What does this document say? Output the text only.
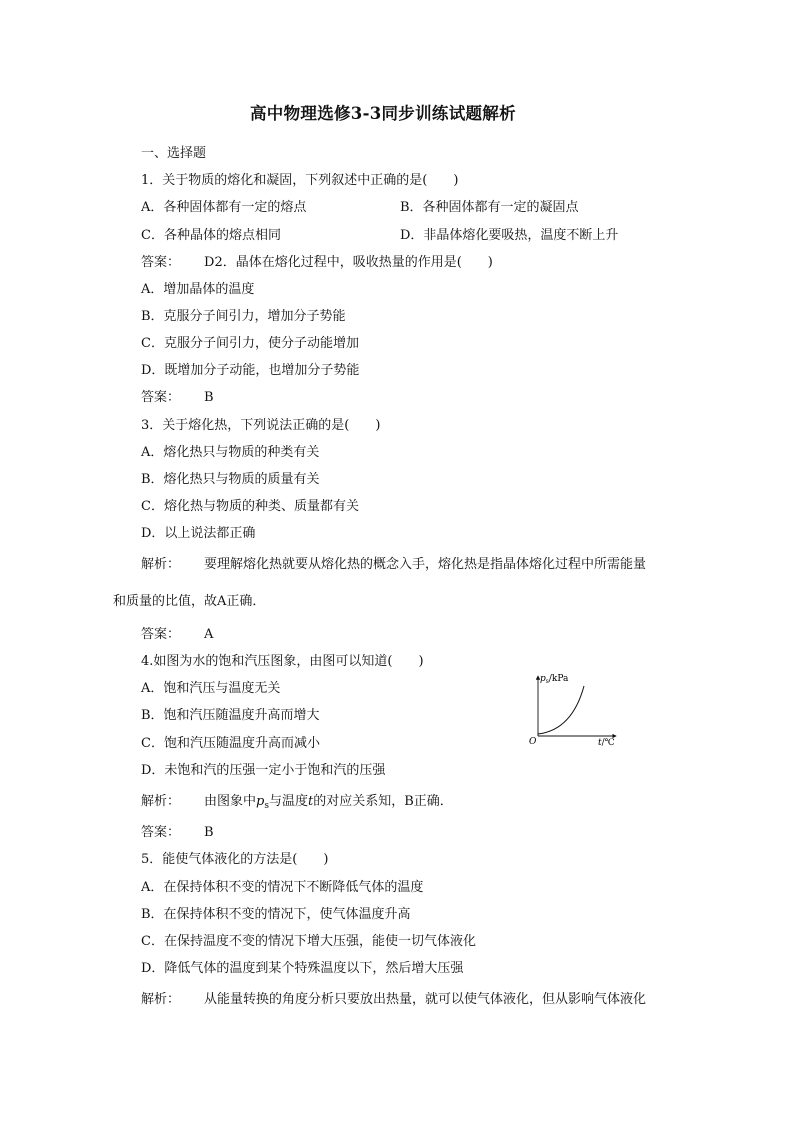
高中物理选修3-3同步训练试题解析
一、选择题
1．关于物质的熔化和凝固，下列叙述中正确的是(　　)
A．各种固体都有一定的熔点	B．各种固体都有一定的凝固点
C．各种晶体的熔点相同	D．非晶体熔化要吸热，温度不断上升
答案： D2．晶体在熔化过程中，吸收热量的作用是(　　)
A．增加晶体的温度
B．克服分子间引力，增加分子势能
C．克服分子间引力，使分子动能增加
D．既增加分子动能，也增加分子势能
答案： B
3．关于熔化热，下列说法正确的是(　　)
A．熔化热只与物质的种类有关
B．熔化热只与物质的质量有关
C．熔化热与物质的种类、质量都有关
D．以上说法都正确
解析： 要理解熔化热就要从熔化热的概念入手，熔化热是指晶体熔化过程中所需能量
和质量的比值，故A正确．
答案： A
4.如图为水的饱和汽压图象，由图可以知道(　　)
A．饱和汽压与温度无关
B．饱和汽压随温度升高而增大
C．饱和汽压随温度升高而减小
D．未饱和汽的压强一定小于饱和汽的压强
$p_s$/kPa
O	t/℃
解析： 由图象中$p_s$与温度t的对应关系知，B正确．
答案： B
5．能使气体液化的方法是(　　)
A．在保持体积不变的情况下不断降低气体的温度
B．在保持体积不变的情况下，使气体温度升高
C．在保持温度不变的情况下增大压强，能使一切气体液化
D．降低气体的温度到某个特殊温度以下，然后增大压强
解析： 从能量转换的角度分析只要放出热量，就可以使气体液化，但从影响气体液化
